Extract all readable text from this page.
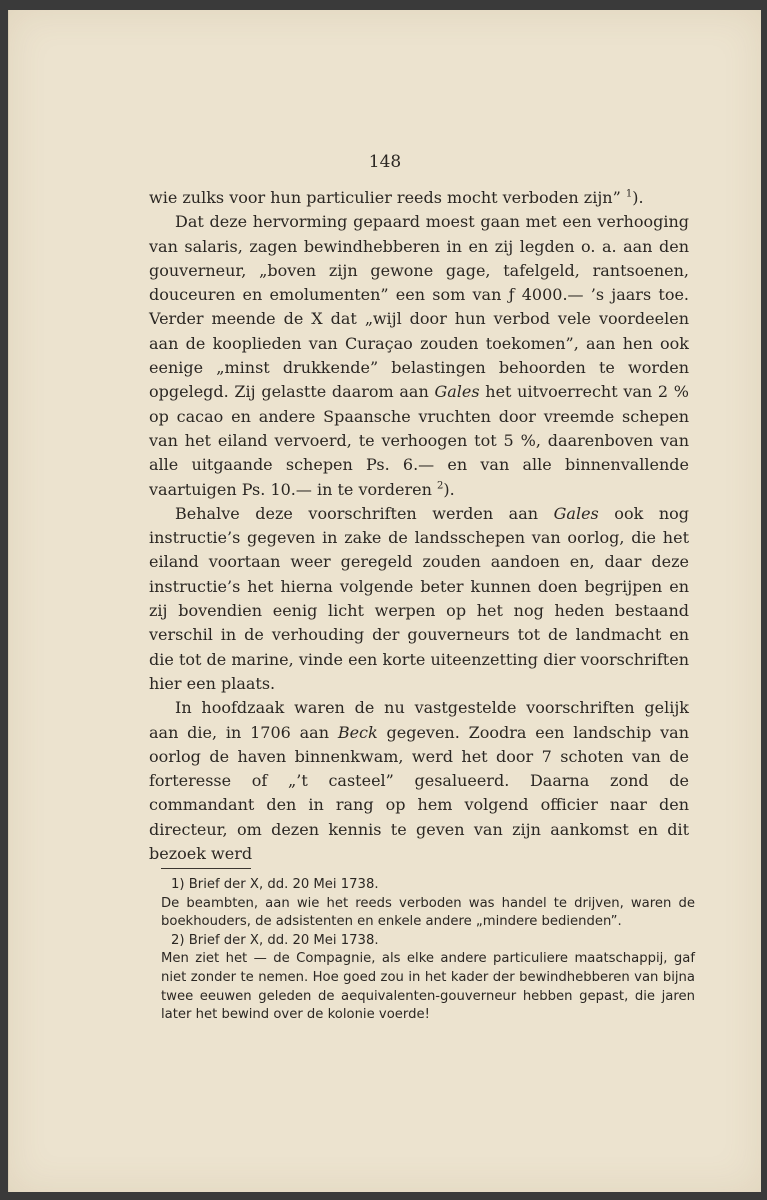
148

wie zulks voor hun particulier reeds mocht verboden zijn” $^1$).

Dat deze hervorming gepaard moest gaan met een verhooging van salaris, zagen bewindhebberen in en zij legden o. a. aan den gouverneur, „boven zijn gewone gage, tafelgeld, rantsoenen, douceuren en emolumenten” een som van ƒ 4000.— ’s jaars toe. Verder meende de X dat „wijl door hun verbod vele voordeelen aan de kooplieden van Curaçao zouden toekomen”, aan hen ook eenige „minst drukkende” belastingen behoorden te worden opgelegd. Zij gelastte daarom aan Gales het uitvoerrecht van 2 % op cacao en andere Spaansche vruchten door vreemde schepen van het eiland vervoerd, te verhoogen tot 5 %, daarenboven van alle uitgaande schepen Ps. 6.— en van alle binnenvallende vaartuigen Ps. 10.— in te vorderen $^2$).

Behalve deze voorschriften werden aan Gales ook nog instructie’s gegeven in zake de landsschepen van oorlog, die het eiland voortaan weer geregeld zouden aandoen en, daar deze instructie’s het hierna volgende beter kunnen doen begrijpen en zij bovendien eenig licht werpen op het nog heden bestaand verschil in de verhouding der gouverneurs tot de landmacht en die tot de marine, vinde een korte uiteenzetting dier voorschriften hier een plaats.

In hoofdzaak waren de nu vastgestelde voorschriften gelijk aan die, in 1706 aan Beck gegeven. Zoodra een landschip van oorlog de haven binnenkwam, werd het door 7 schoten van de forteresse of „’t casteel” gesalueerd. Daarna zond de commandant den in rang op hem volgend officier naar den directeur, om dezen kennis te geven van zijn aankomst en dit bezoek werd

1) Brief der X, dd. 20 Mei 1738.

De beambten, aan wie het reeds verboden was handel te drijven, waren de boekhouders, de adsistenten en enkele andere „mindere bedienden”.

2) Brief der X, dd. 20 Mei 1738.

Men ziet het — de Compagnie, als elke andere particuliere maatschappij, gaf niet zonder te nemen. Hoe goed zou in het kader der bewindhebberen van bijna twee eeuwen geleden de aequivalenten-gouverneur hebben gepast, die jaren later het bewind over de kolonie voerde!
